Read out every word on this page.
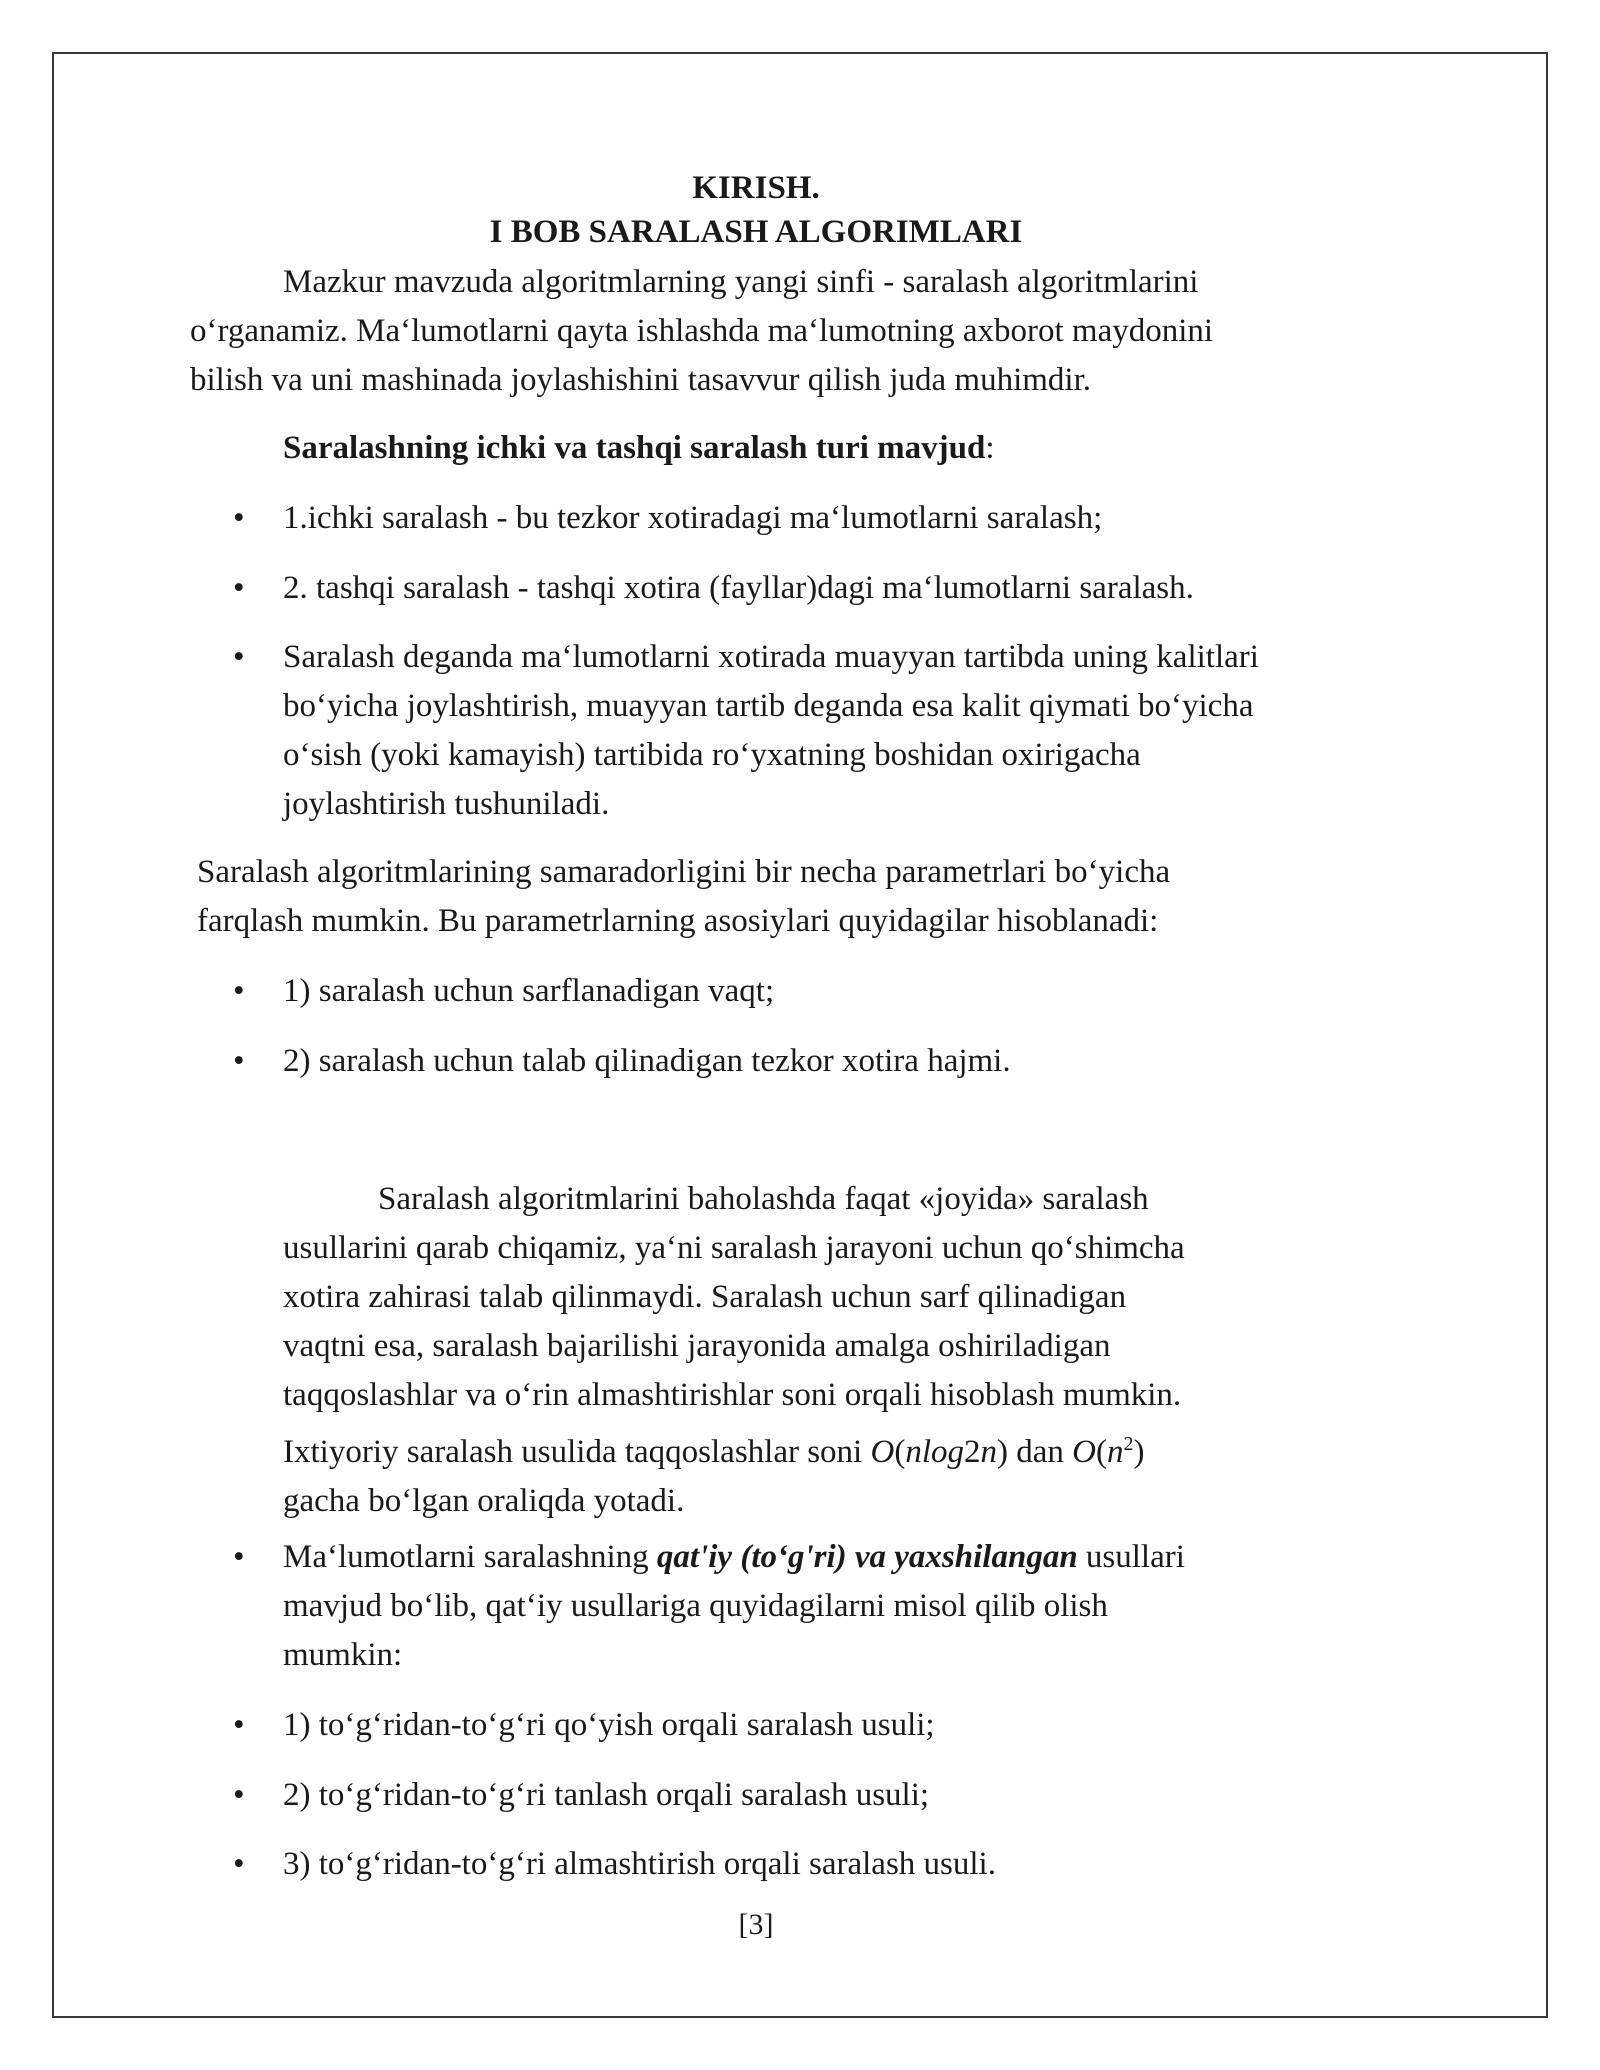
KIRISH.
I BOB SARALASH ALGORIMLARI
Mazkur mavzuda algoritmlarning yangi sinfi - saralash algoritmlarini
o‘rganamiz. Ma‘lumotlarni qayta ishlashda ma‘lumotning axborot maydonini
bilish va uni mashinada joylashishini tasavvur qilish juda muhimdir.
Saralashning ichki va tashqi saralash turi mavjud:
• 1.ichki saralash - bu tezkor xotiradagi ma‘lumotlarni saralash;
• 2. tashqi saralash - tashqi xotira (fayllar)dagi ma‘lumotlarni saralash.
• Saralash deganda ma‘lumotlarni xotirada muayyan tartibda uning kalitlari
bo‘yicha joylashtirish, muayyan tartib deganda esa kalit qiymati bo‘yicha
o‘sish (yoki kamayish) tartibida ro‘yxatning boshidan oxirigacha
joylashtirish tushuniladi.
Saralash algoritmlarining samaradorligini bir necha parametrlari bo‘yicha
farqlash mumkin. Bu parametrlarning asosiylari quyidagilar hisoblanadi:
• 1) saralash uchun sarflanadigan vaqt;
• 2) saralash uchun talab qilinadigan tezkor xotira hajmi.
Saralash algoritmlarini baholashda faqat «joyida» saralash
usullarini qarab chiqamiz, ya‘ni saralash jarayoni uchun qo‘shimcha
xotira zahirasi talab qilinmaydi. Saralash uchun sarf qilinadigan
vaqtni esa, saralash bajarilishi jarayonida amalga oshiriladigan
taqqoslashlar va o‘rin almashtirishlar soni orqali hisoblash mumkin.
Ixtiyoriy saralash usulida taqqoslashlar soni O(nlog2n) dan $O(n^2)$
gacha bo‘lgan oraliqda yotadi.
• Ma‘lumotlarni saralashning qat'iy (to‘g'ri) va yaxshilangan usullari
mavjud bo‘lib, qat‘iy usullariga quyidagilarni misol qilib olish
mumkin:
• 1) to‘g‘ridan-to‘g‘ri qo‘yish orqali saralash usuli;
• 2) to‘g‘ridan-to‘g‘ri tanlash orqali saralash usuli;
• 3) to‘g‘ridan-to‘g‘ri almashtirish orqali saralash usuli.
[3]
